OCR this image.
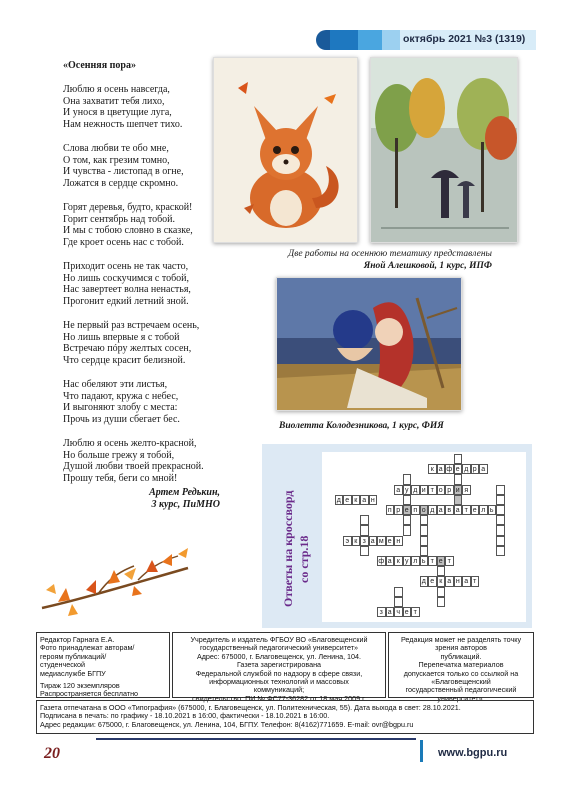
октябрь 2021 №3 (1319)
«Осенняя пора»
Люблю я осень навсегда,
Она захватит тебя лихо,
И унося в цветущие луга,
Нам нежность шепчет тихо.
Слова любви те обо мне,
О том, как грезим томно,
И чувства - листопад в огне,
Ложатся в сердце скромно.
Горят деревья, будто, краской!
Горит сентябрь над тобой.
И мы с тобою словно в сказке,
Где кроет осень нас с тобой.
Приходит осень не так часто,
Но лишь соскучимся с тобой,
Нас завертеет волна ненастья,
Прогонит едкий летний зной.
Не первый раз встречаем осень,
Но лишь впервые я с тобой
Встречаю пóру желтых сосен,
Что сердце красит белизной.
Нас обеляют эти листья,
Что падают, кружа с небес,
И выгоняют злобу с места:
Прочь из души сбегает бес.
Люблю я осень желто-красной,
Но больше грежу я тобой,
Душой любви твоей прекрасной.
Прошу тебя, беги со мной!
Артем Редькин,
3 курс, ПиМНО
Две работы на осеннюю тематику представлены
Яной Алешковой, 1 курс, ИПФ
Виолетта Колодезникова, 1 курс, ФИЯ
Ответы на кроссворд со стр.18
к а ф е д р а
а у д и т о р и я
д е к а н
п р е п о д а в а т е л ь
э к з а м е н
ф а к у л ь т е т
д е к а н а т
з а ч е т
Редактор Гарнага Е.А.
Фото принадлежат авторам/
героям публикаций/
студенческой
медиаслужбе БГПУ
Тираж 120 экземпляров
Распространяется бесплатно
Учредитель и издатель ФГБОУ ВО «Благовещенский
государственный педагогический университет»
Адрес: 675000, г. Благовещенск, ул. Ленина, 104.
Газета зарегистрирована
Федеральной службой по надзору в сфере связи,
информационных технологий и массовых
коммуникаций;
свидетельство: ПИ № ФС77-36282 от 18 мая 2009 г.
Редакция может не разделять точку
зрения авторов
публикаций.
Перепечатка материалов
допускается только со ссылкой на
«Благовещенский
государственный педагогический
университет».
Газета отпечатана в ООО «Типография» (675000, г. Благовещенск, ул. Политехническая, 55). Дата выхода в свет: 28.10.2021.
Подписана в печать: по графику - 18.10.2021 в 16:00, фактически - 18.10.2021 в 16:00.
Адрес редакции: 675000, г. Благовещенск, ул. Ленина, 104, БГПУ. Телефон: 8(4162)771659. E-mail: ovr@bgpu.ru
20	www.bgpu.ru
